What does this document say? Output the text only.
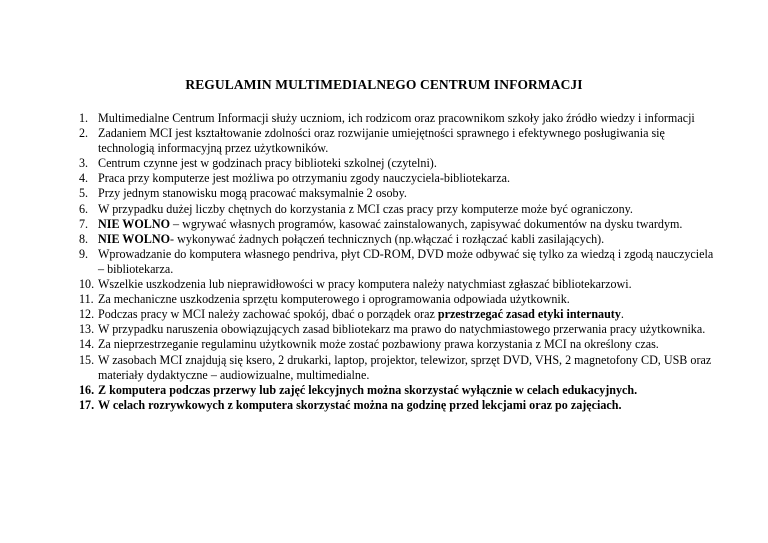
REGULAMIN MULTIMEDIALNEGO CENTRUM INFORMACJI
1. Multimedialne Centrum Informacji służy uczniom, ich rodzicom oraz pracownikom szkoły jako źródło wiedzy i informacji
2. Zadaniem MCI jest kształtowanie zdolności oraz rozwijanie umiejętności sprawnego i efektywnego posługiwania się technologią informacyjną przez użytkowników.
3. Centrum czynne jest w godzinach pracy biblioteki szkolnej (czytelni).
4. Praca przy komputerze jest możliwa po otrzymaniu zgody nauczyciela-bibliotekarza.
5. Przy jednym stanowisku mogą pracować maksymalnie 2 osoby.
6. W przypadku dużej liczby chętnych do korzystania z MCI czas pracy przy komputerze może być ograniczony.
7. NIE WOLNO – wgrywać własnych programów, kasować zainstalowanych, zapisywać dokumentów na dysku twardym.
8. NIE WOLNO- wykonywać żadnych połączeń technicznych (np.włączać i rozłączać kabli zasilających).
9. Wprowadzanie do komputera własnego pendriva, płyt CD-ROM, DVD może odbywać się tylko za wiedzą i zgodą nauczyciela – bibliotekarza.
10. Wszelkie uszkodzenia lub nieprawidłowości w pracy komputera należy natychmiast zgłaszać bibliotekarzowi.
11. Za mechaniczne uszkodzenia sprzętu komputerowego i oprogramowania odpowiada użytkownik.
12. Podczas pracy w MCI należy zachować spokój, dbać o porządek oraz przestrzegać zasad etyki internauty.
13. W przypadku naruszenia obowiązujących zasad bibliotekarz ma prawo do natychmiastowego przerwania pracy użytkownika.
14. Za nieprzestrzeganie regulaminu użytkownik może zostać pozbawiony prawa korzystania z MCI na określony czas.
15. W zasobach MCI znajdują się ksero, 2 drukarki, laptop, projektor, telewizor, sprzęt DVD, VHS, 2 magnetofony CD, USB oraz materiały dydaktyczne – audiowizualne, multimedialne.
16. Z komputera podczas przerwy lub zajęć lekcyjnych można skorzystać wyłącznie w celach edukacyjnych.
17. W celach rozrywkowych z komputera skorzystać można na godzinę przed lekcjami oraz po zajęciach.
